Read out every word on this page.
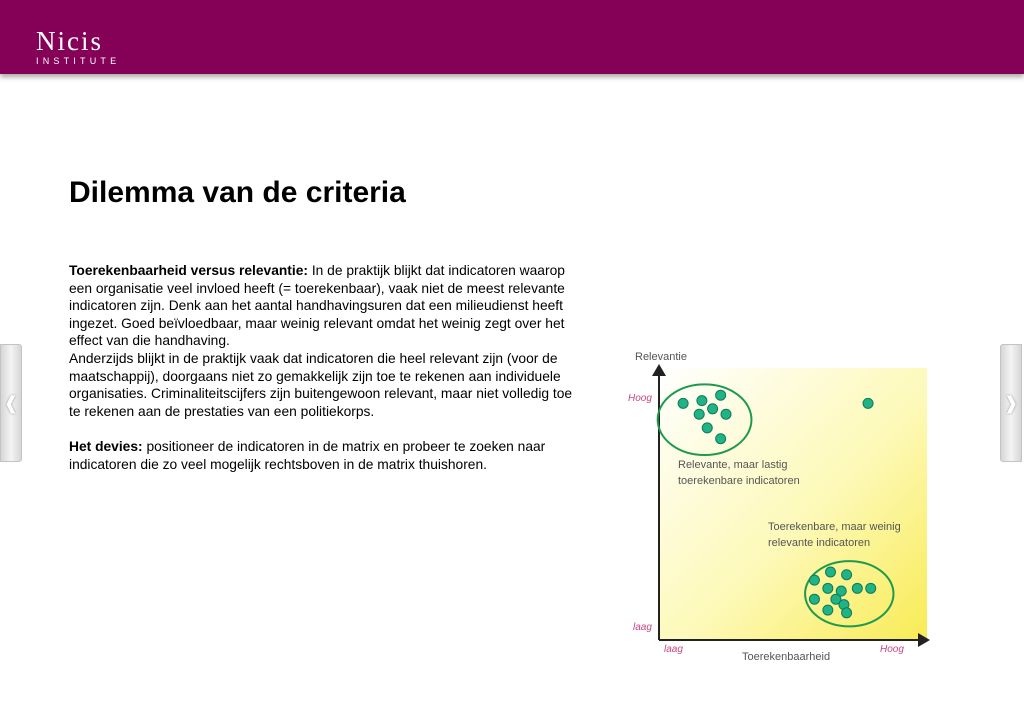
Nicis
INSTITUTE
Dilemma van de criteria

Toerekenbaarheid versus relevantie: In de praktijk blijkt dat indicatoren waarop een organisatie veel invloed heeft (= toerekenbaar), vaak niet de meest relevante indicatoren zijn. Denk aan het aantal handhavingsuren dat een milieudienst heeft ingezet. Goed beïvloedbaar, maar weinig relevant omdat het weinig zegt over het effect van die handhaving.

Anderzijds blijkt in de praktijk vaak dat indicatoren die heel relevant zijn (voor de maatschappij), doorgaans niet zo gemakkelijk zijn toe te rekenen aan individuele organisaties. Criminaliteitscijfers zijn buitengewoon relevant, maar niet volledig toe te rekenen aan de prestaties van een politiekorps.

Het devies: positioneer de indicatoren in de matrix en probeer te zoeken naar indicatoren die zo veel mogelijk rechtsboven in de matrix thuishoren.

❰	❱
Relevantie
Toerekenbaarheid
Hoog
laag
laag	Hoog
Relevante, maar lastig
toerekenbare indicatoren
Toerekenbare, maar weinig
relevante indicatoren
